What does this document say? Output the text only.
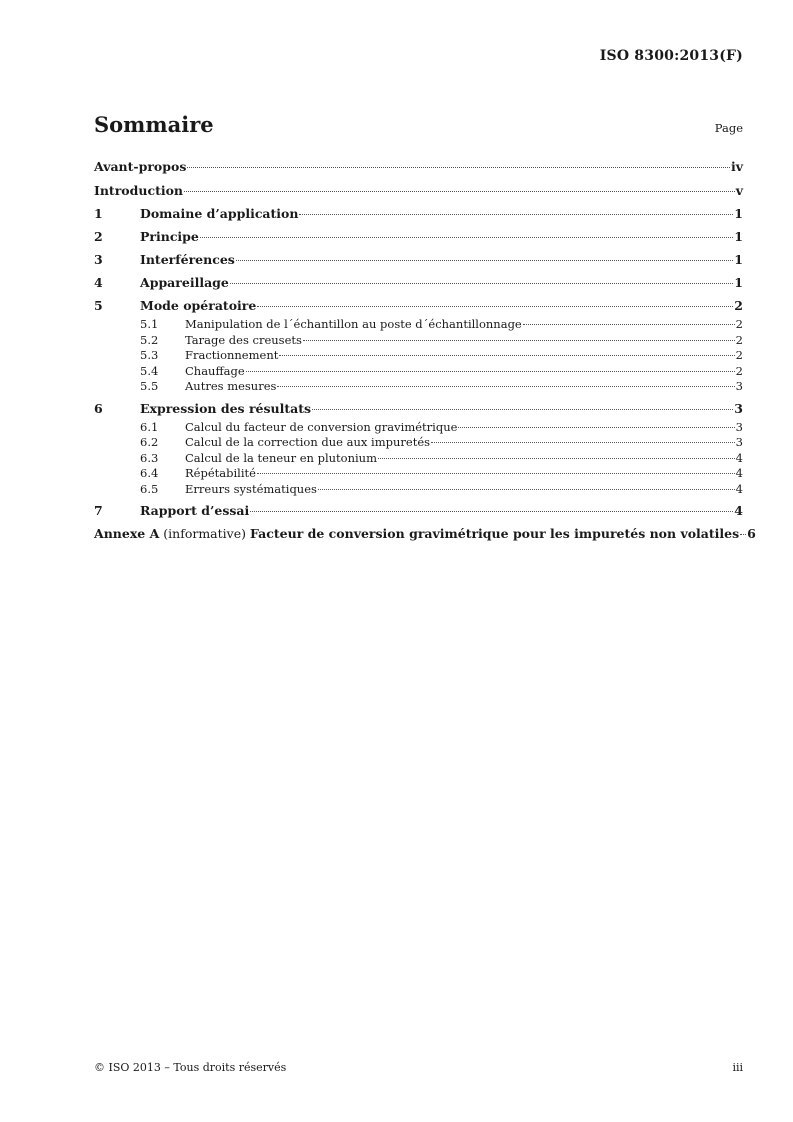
ISO 8300:2013(F)
Sommaire	Page
Avant-propos	iv
Introduction	v
1	Domaine d’application	1
2	Principe	1
3	Interférences	1
4	Appareillage	1
5	Mode opératoire	2
5.1	Manipulation de l´échantillon au poste d´échantillonnage	2
5.2	Tarage des creusets	2
5.3	Fractionnement	2
5.4	Chauffage	2
5.5	Autres mesures	3
6	Expression des résultats	3
6.1	Calcul du facteur de conversion gravimétrique	3
6.2	Calcul de la correction due aux impuretés	3
6.3	Calcul de la teneur en plutonium	4
6.4	Répétabilité	4
6.5	Erreurs systématiques	4
7	Rapport d’essai	4
Annexe A (informative) Facteur de conversion gravimétrique pour les impuretés non volatiles 6
© ISO 2013 – Tous droits réservés	iii
